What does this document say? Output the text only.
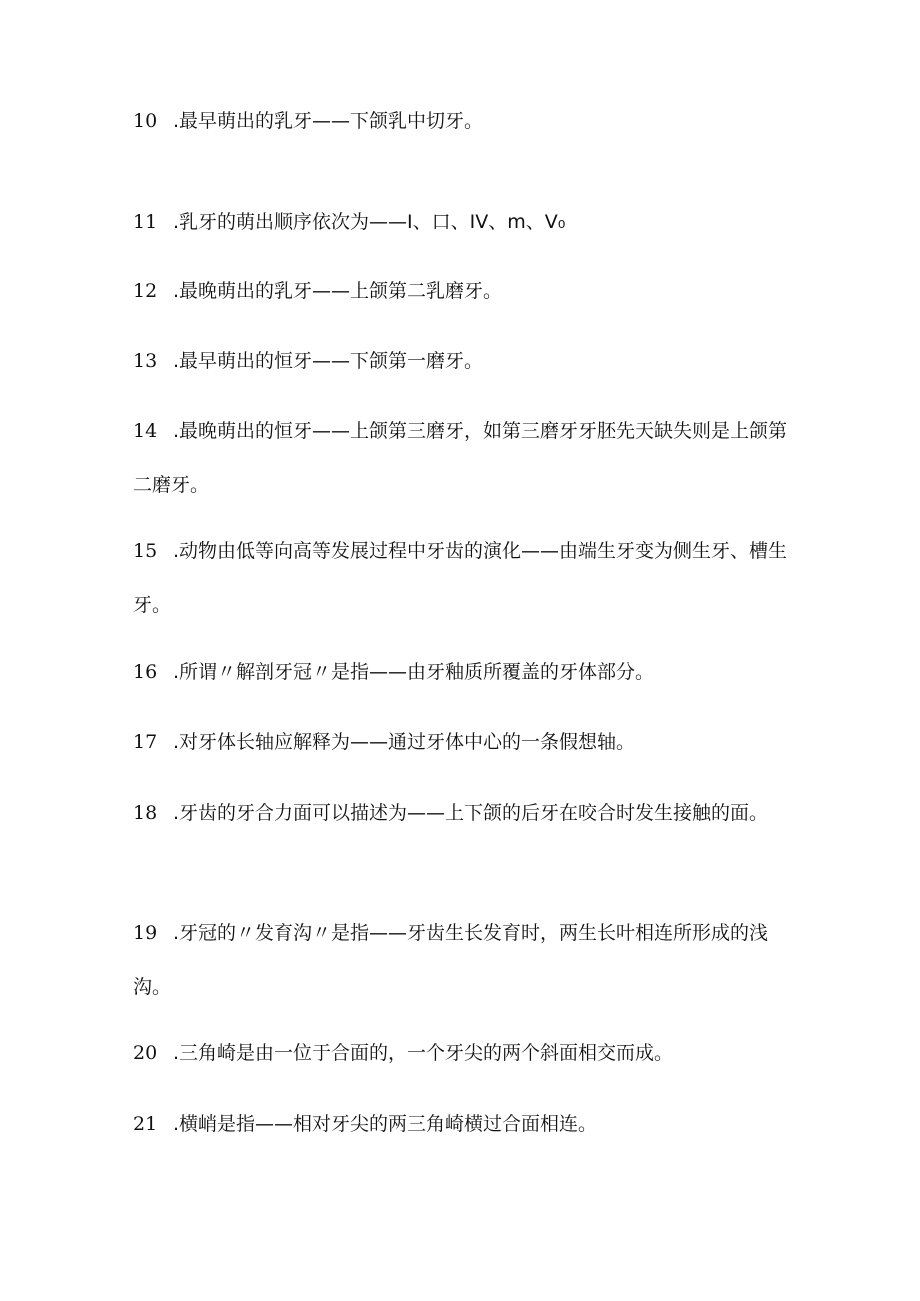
10 .最早萌出的乳牙——下颌乳中切牙。
11 .乳牙的萌出顺序依次为——I、口、IV、m、V₀
12 .最晚萌出的乳牙——上颌第二乳磨牙。
13 .最早萌出的恒牙——下颌第一磨牙。
14 .最晚萌出的恒牙——上颌第三磨牙，如第三磨牙牙胚先天缺失则是上颌第二磨牙。
15 .动物由低等向高等发展过程中牙齿的演化——由端生牙变为侧生牙、槽生牙。
16 .所谓〃解剖牙冠〃是指——由牙釉质所覆盖的牙体部分。
17 .对牙体长轴应解释为——通过牙体中心的一条假想轴。
18 .牙齿的牙合力面可以描述为——上下颌的后牙在咬合时发生接触的面。
19 .牙冠的〃发育沟〃是指——牙齿生长发育时，两生长叶相连所形成的浅沟。
20 .三角崎是由一位于合面的，一个牙尖的两个斜面相交而成。
21 .横峭是指——相对牙尖的两三角崎横过合面相连。
